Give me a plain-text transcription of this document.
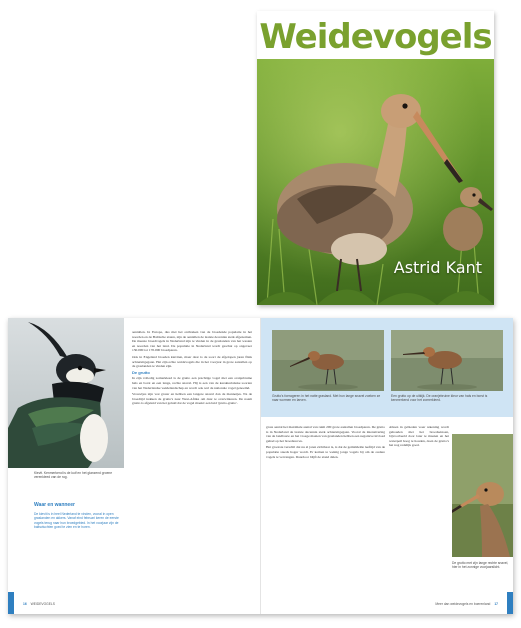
Weidevogels
Astrid Kant
Kievit. Kenmerkend is de kuif en het glanzend groene verenkleed van de rug.
Waar en wanneer
De kievit is in heel Nederland te vinden, vooral in open graslanden en akkers. Vanaf eind februari keren de eerste vogels terug naar hun broedgebied. In het voorjaar zijn de baltsvluchten goed te zien en te horen.

aantallen. In Europa, dus met het ontbreken van de broedende populatie in het noorden en de Baltische staten, zijn de aantallen de laatste decennia sterk afgenomen. De meeste broedvogels in Nederland zijn te vinden in de graslanden van het westen en noorden van het land. De populatie in Nederland wordt geschat op ongeveer 130.000 tot 170.000 broedparen.

Ook in Engeland broeden kieviten, maar daar is de soort de afgelopen jaren flink achteruitgegaan. Het zijn echte weidevogels die in het voorjaar in grote aantallen op de graslanden te vinden zijn.

De grutto

In zijn volledig zomerkleed is de grutto een prachtige vogel met een oranjebruine hals en borst en een lange, rechte snavel. Hij is een van de karakteristieke soorten van het Nederlandse weidelandschap en wordt ook wel de nationale vogel genoemd.

Vrouwtjes zijn wat groter en hebben een langere snavel dan de mannetjes. Na de broedtijd trekken de grutto's naar West-Afrika om daar te overwinteren. De naam grutto is afgeleid van het geluid dat de vogel maakt: een luid 'grutto-grutto'.

16 WEIDEVOGELS
Grutto's foerageren in het natte grasland. Met hun lange snavel zoeken ze naar wormen en larven.
Een grutto op de uitkijk. De oranjebruine kleur van hals en borst is kenmerkend voor het zomerkleed.

grote aantal het maximale aantal van ruim 200 grote aantallen broedparen. De grutto is in Nederland de laatste decennia sterk achteruitgegaan. Vooral de intensivering van de landbouw en het vroege maaien van graslanden hebben een negatieve invloed gehad op het broedsucces.

Het grootste verschil dat nu al jaren zichtbaar is, is dat de gemiddelde leeftijd van de populatie steeds hoger wordt. Er komen te weinig jonge vogels bij om de oudere vogels te vervangen. Daardoor blijft de stand dalen.

Alleen in gebieden waar rekening wordt gehouden met het broedseizoen, bijvoorbeeld door later te maaien en het waterpeil hoog te houden, doen de grutto's het nog redelijk goed.

De grutto met zijn lange rechte snavel, hier in het zonnige voorjaarslicht.
Meer dan weidevogels en boerenland 17
